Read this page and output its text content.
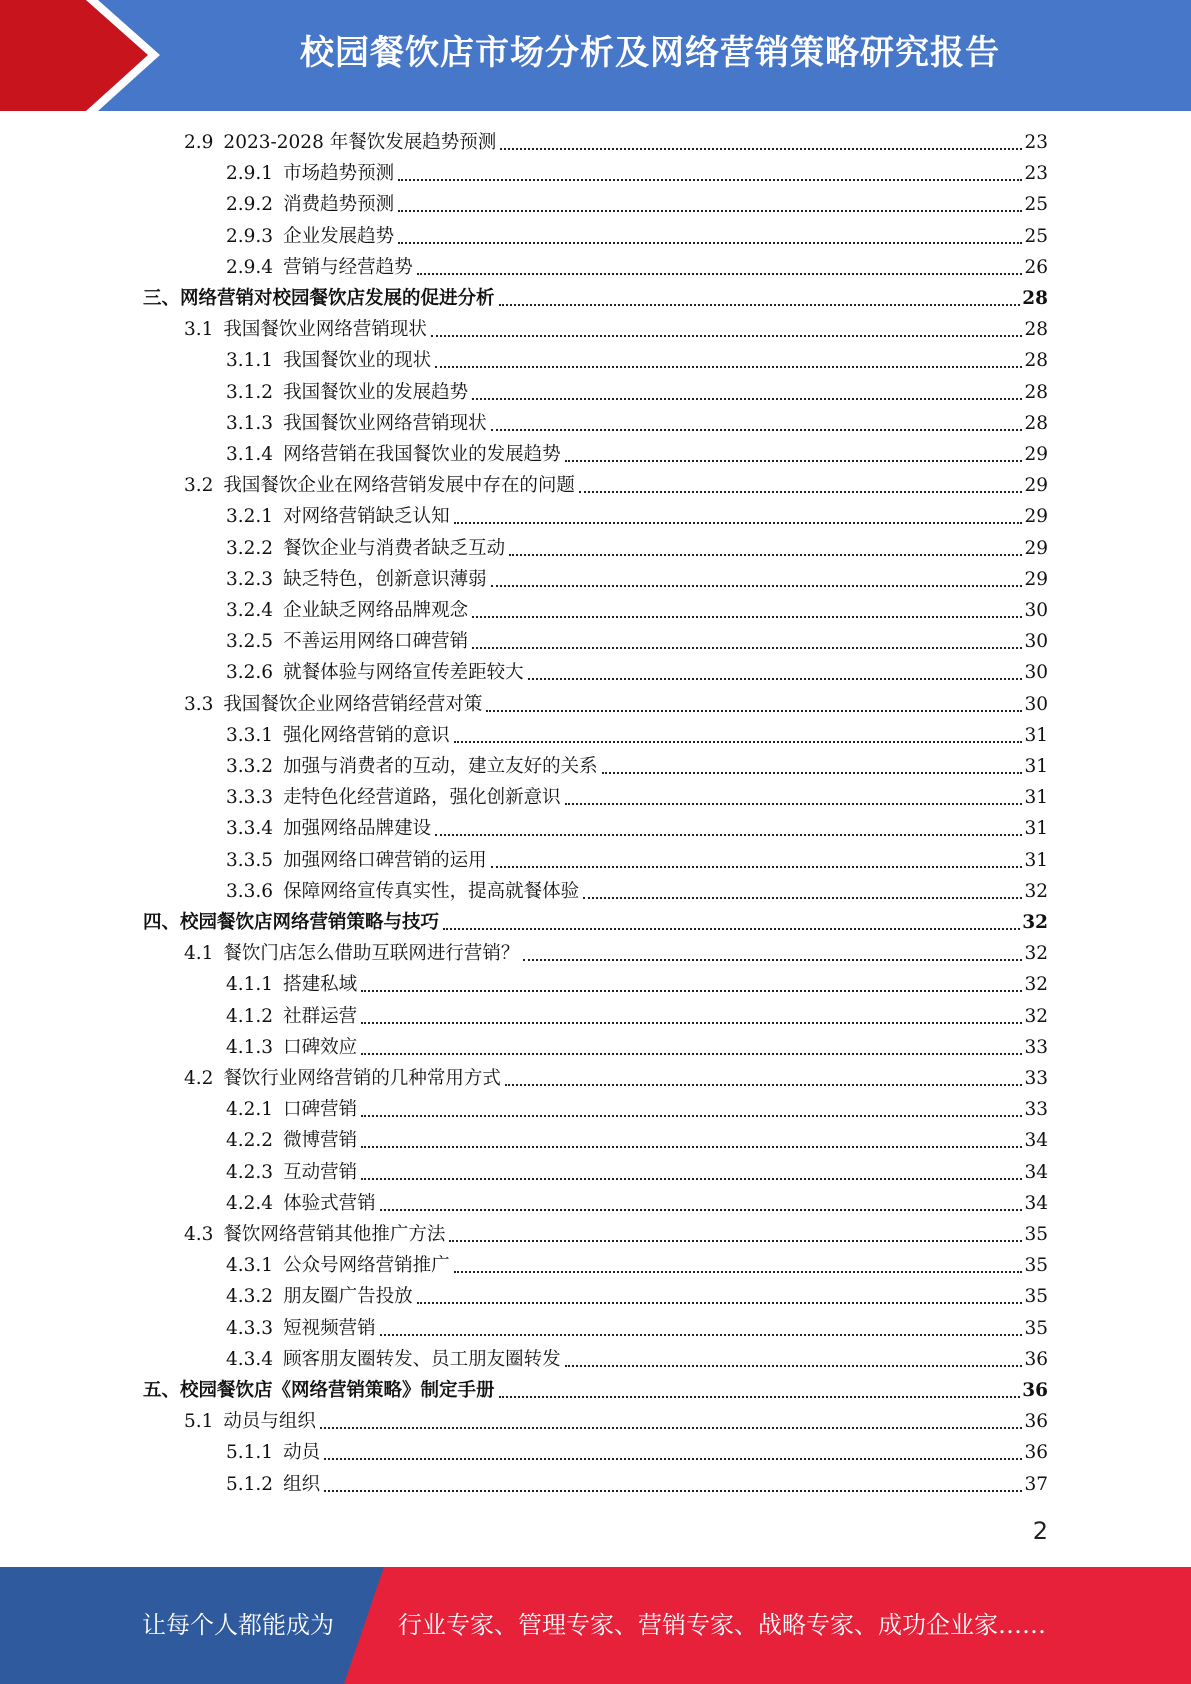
校园餐饮店市场分析及网络营销策略研究报告
2.9 2023-2028 年餐饮发展趋势预测	23
2.9.1 市场趋势预测	23
2.9.2 消费趋势预测	25
2.9.3 企业发展趋势	25
2.9.4 营销与经营趋势	26
三、网络营销对校园餐饮店发展的促进分析	28
3.1 我国餐饮业网络营销现状	28
3.1.1 我国餐饮业的现状	28
3.1.2 我国餐饮业的发展趋势	28
3.1.3 我国餐饮业网络营销现状	28
3.1.4 网络营销在我国餐饮业的发展趋势	29
3.2 我国餐饮企业在网络营销发展中存在的问题	29
3.2.1 对网络营销缺乏认知	29
3.2.2 餐饮企业与消费者缺乏互动	29
3.2.3 缺乏特色，创新意识薄弱	29
3.2.4 企业缺乏网络品牌观念	30
3.2.5 不善运用网络口碑营销	30
3.2.6 就餐体验与网络宣传差距较大	30
3.3 我国餐饮企业网络营销经营对策	30
3.3.1 强化网络营销的意识	31
3.3.2 加强与消费者的互动，建立友好的关系	31
3.3.3 走特色化经营道路，强化创新意识	31
3.3.4 加强网络品牌建设	31
3.3.5 加强网络口碑营销的运用	31
3.3.6 保障网络宣传真实性，提高就餐体验	32
四、校园餐饮店网络营销策略与技巧	32
4.1 餐饮门店怎么借助互联网进行营销？	32
4.1.1 搭建私域	32
4.1.2 社群运营	32
4.1.3 口碑效应	33
4.2 餐饮行业网络营销的几种常用方式	33
4.2.1 口碑营销	33
4.2.2 微博营销	34
4.2.3 互动营销	34
4.2.4 体验式营销	34
4.3 餐饮网络营销其他推广方法	35
4.3.1 公众号网络营销推广	35
4.3.2 朋友圈广告投放	35
4.3.3 短视频营销	35
4.3.4 顾客朋友圈转发、员工朋友圈转发	36
五、校园餐饮店《网络营销策略》制定手册	36
5.1 动员与组织	36
5.1.1 动员	36
5.1.2 组织	37
2
让每个人都能成为	行业专家、管理专家、营销专家、战略专家、成功企业家……
